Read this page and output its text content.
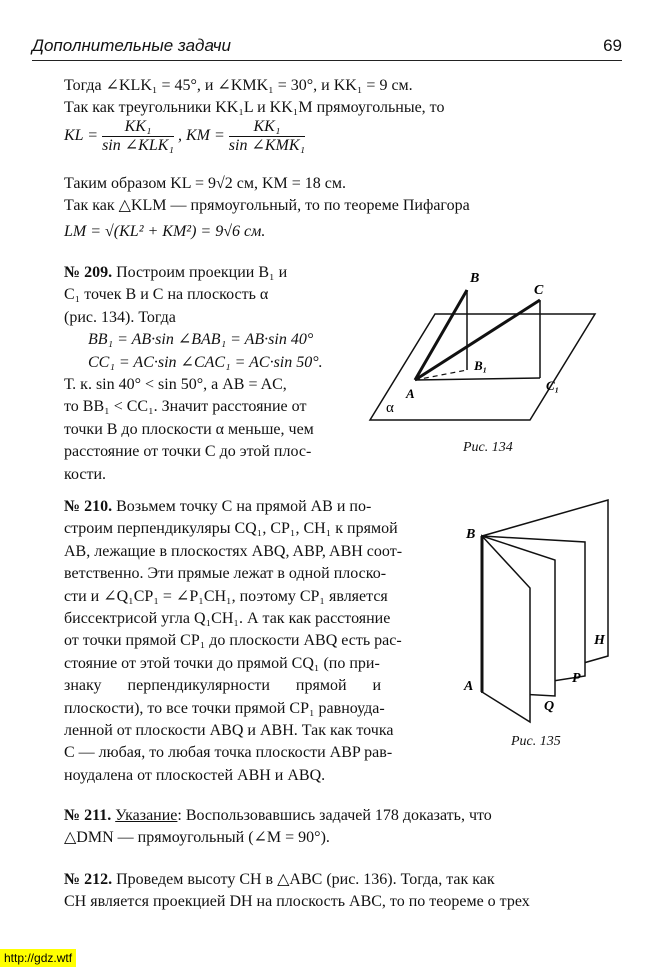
Дополнительные задачи	69
Тогда ∠KLK₁ = 45°, и ∠KMK₁ = 30°, и KK₁ = 9 см.
Так как треугольники KK₁L и KK₁M прямоугольные, то
KL = $\frac{\text{KK₁}}{\text{sin ∠KLK₁}}$ , KM = $\frac{\text{KK₁}}{\text{sin ∠KMK₁}}$
Таким образом KL = 9√2 см, KM = 18 см.
Так как △KLM — прямоугольный, то по теореме Пифагора
LM = √(KL² + KM²) = 9√6 см.
№ 209. Построим проекции B₁ и
C₁ точек B и C на плоскость α
(рис. 134). Тогда
BB₁ = AB·sin ∠BAB₁ = AB·sin 40°
CC₁ = AC·sin ∠CAC₁ = AC·sin 50°.
Т. к. sin 40° < sin 50°, а AB = AC,
то BB₁ < CC₁. Значит расстояние от
точки B до плоскости α меньше, чем
расстояние от точки C до этой плос-
кости.
B
C
B₁
C₁
A
α
Рис. 134
№ 210. Возьмем точку C на прямой AB и по-
строим перпендикуляры CQ₁, CP₁, CH₁ к прямой
AB, лежащие в плоскостях ABQ, ABP, ABH соот-
ветственно. Эти прямые лежат в одной плоско-
сти и ∠Q₁CP₁ = ∠P₁CH₁, поэтому CP₁ является
биссектрисой угла Q₁CH₁. А так как расстояние
от точки прямой CP₁ до плоскости ABQ есть рас-
стояние от этой точки до прямой CQ₁ (по при-
знаку перпендикулярности прямой и
плоскости), то все точки прямой CP₁ равноуда-
ленной от плоскости ABQ и ABH. Так как точка
C — любая, то любая точка плоскости ABP рав-
ноудалена от плоскостей ABH и ABQ.
B
A
H
P
Q
Рис. 135
№ 211. Указание: Воспользовавшись задачей 178 доказать, что
△DMN — прямоугольный (∠M = 90°).
№ 212. Проведем высоту CH в △ABC (рис. 136). Тогда, так как
CH является проекцией DH на плоскость ABC, то по теореме о трех
http://gdz.wtf
